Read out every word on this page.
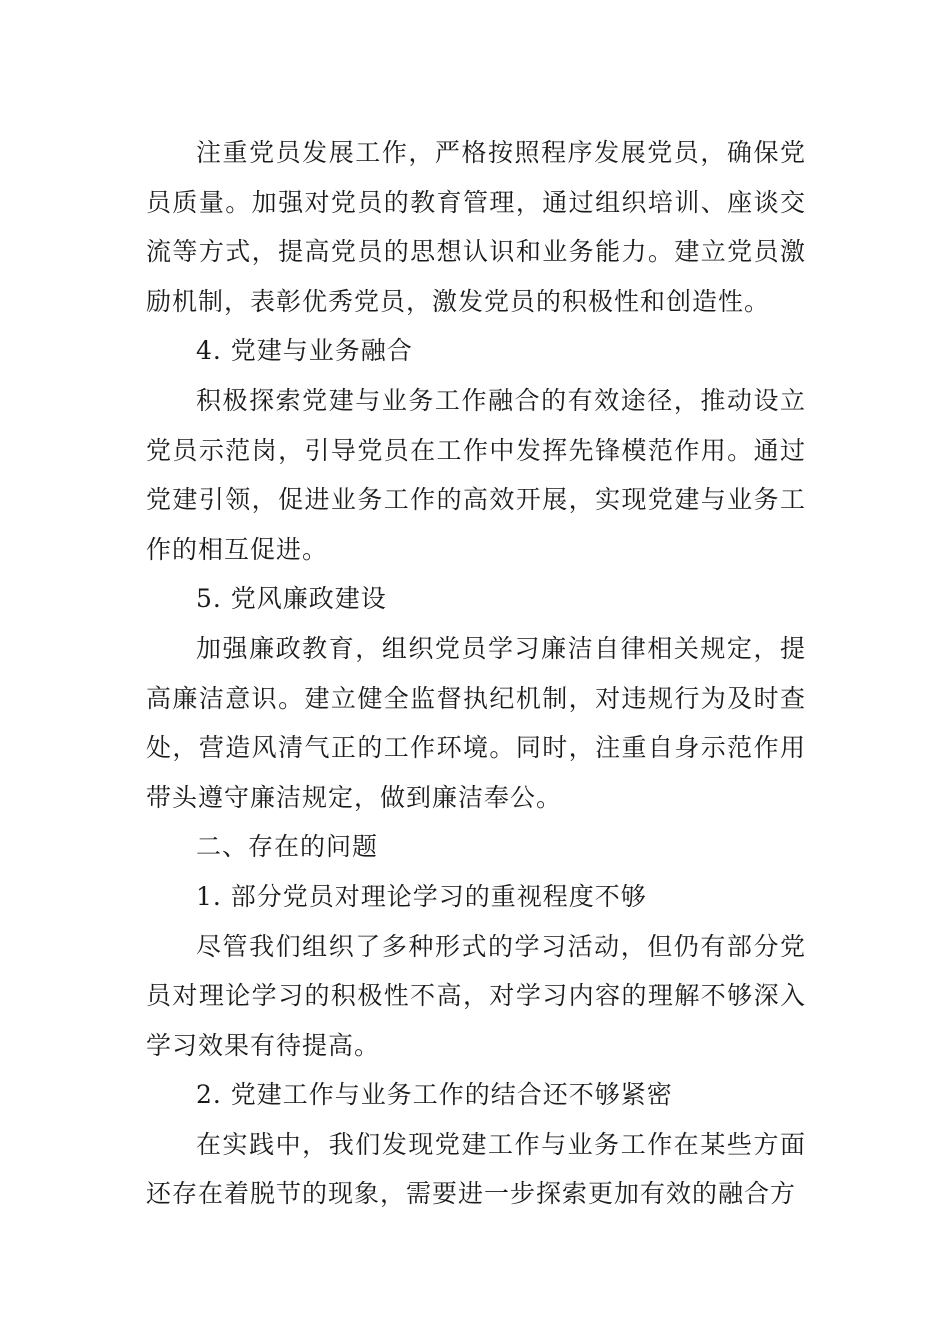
注重党员发展工作，严格按照程序发展党员，确保党员质量。加强对党员的教育管理，通过组织培训、座谈交流等方式，提高党员的思想认识和业务能力。建立党员激励机制，表彰优秀党员，激发党员的积极性和创造性。

4. 党建与业务融合

积极探索党建与业务工作融合的有效途径，推动设立党员示范岗，引导党员在工作中发挥先锋模范作用。通过党建引领，促进业务工作的高效开展，实现党建与业务工作的相互促进。

5. 党风廉政建设

加强廉政教育，组织党员学习廉洁自律相关规定，提高廉洁意识。建立健全监督执纪机制，对违规行为及时查处，营造风清气正的工作环境。同时，注重自身示范作用带头遵守廉洁规定，做到廉洁奉公。

二、存在的问题

1. 部分党员对理论学习的重视程度不够

尽管我们组织了多种形式的学习活动，但仍有部分党员对理论学习的积极性不高，对学习内容的理解不够深入学习效果有待提高。

2. 党建工作与业务工作的结合还不够紧密

在实践中，我们发现党建工作与业务工作在某些方面还存在着脱节的现象，需要进一步探索更加有效的融合方
